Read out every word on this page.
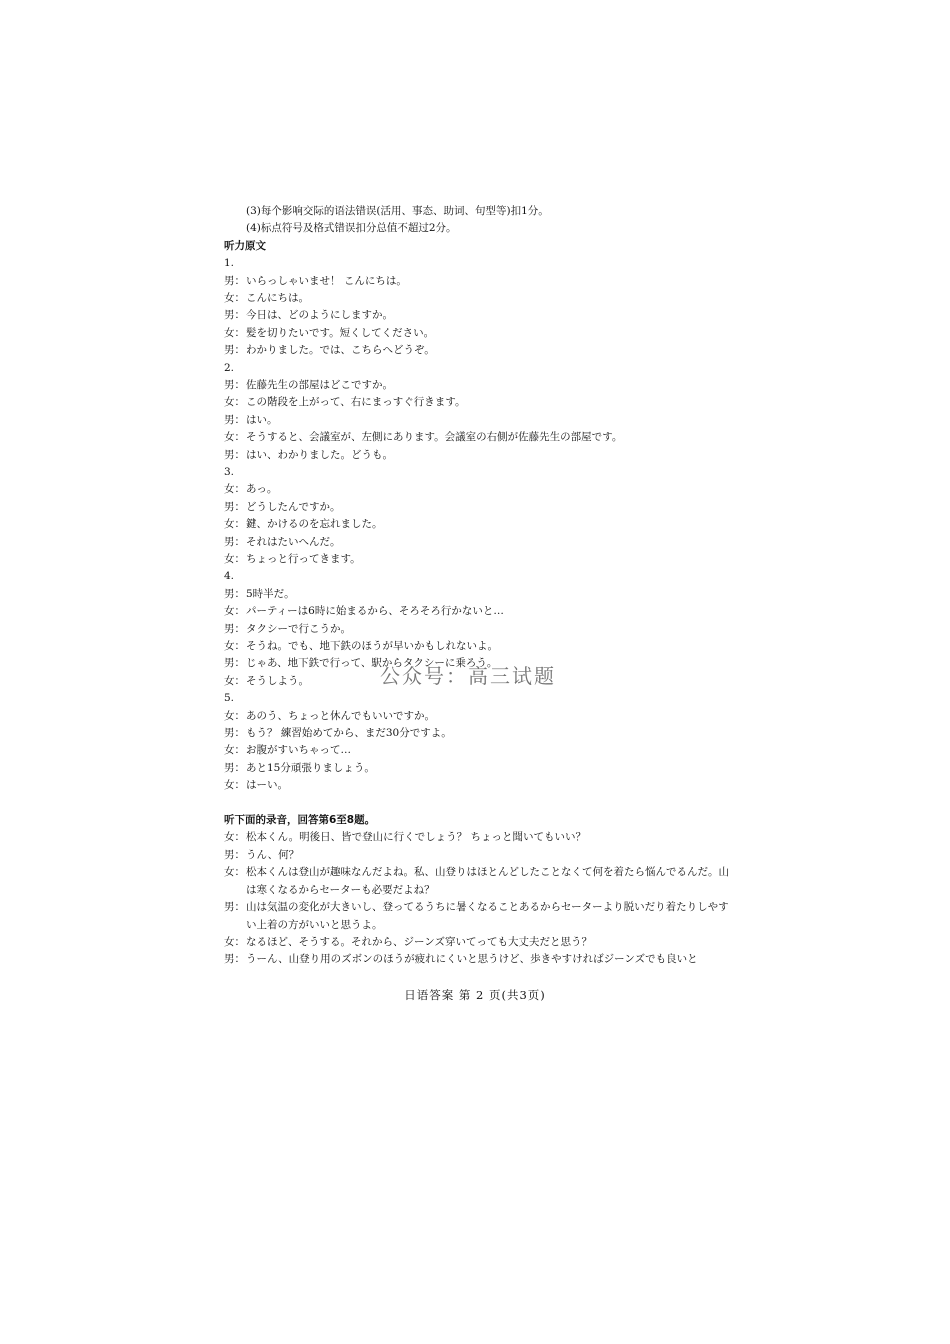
(3)每个影响交际的语法错误(活用、事态、助词、句型等)扣1分。
(4)标点符号及格式错误扣分总值不超过2分。
听力原文
1.
男： いらっしゃいませ！ こんにちは。
女： こんにちは。
男： 今日は、どのようにしますか。
女： 髪を切りたいです。短くしてください。
男： わかりました。では、こちらへどうぞ。
2.
男： 佐藤先生の部屋はどこですか。
女： この階段を上がって、右にまっすぐ行きます。
男： はい。
女： そうすると、会議室が、左側にあります。会議室の右側が佐藤先生の部屋です。
男： はい、わかりました。どうも。
3.
女： あっ。
男： どうしたんですか。
女： 鍵、かけるのを忘れました。
男： それはたいへんだ。
女： ちょっと行ってきます。
4.
男： 5時半だ。
女： パーティーは6時に始まるから、そろそろ行かないと…
男： タクシーで行こうか。
女： そうね。でも、地下鉄のほうが早いかもしれないよ。
男： じゃあ、地下鉄で行って、駅からタクシーに乗ろう。
女： そうしよう。
5.
女： あのう、ちょっと休んでもいいですか。
男： もう？ 練習始めてから、まだ30分ですよ。
女： お腹がすいちゃって…
男： あと15分頑張りましょう。
女： はーい。
听下面的录音，回答第6至8题。
女： 松本くん。明後日、皆で登山に行くでしょう？ ちょっと聞いてもいい？
男： うん、何？
女： 松本くんは登山が趣味なんだよね。私、山登りはほとんどしたことなくて何を着たら悩んでるんだ。山は寒くなるからセーターも必要だよね？
男： 山は気温の変化が大きいし、登ってるうちに暑くなることあるからセーターより脱いだり着たりしやすい上着の方がいいと思うよ。
女： なるほど、そうする。それから、ジーンズ穿いてっても大丈夫だと思う？
男： うーん、山登り用のズボンのほうが疲れにくいと思うけど、歩きやすければジーンズでも良いと
公众号：高三试题
日语答案 第 2 页(共3页)
